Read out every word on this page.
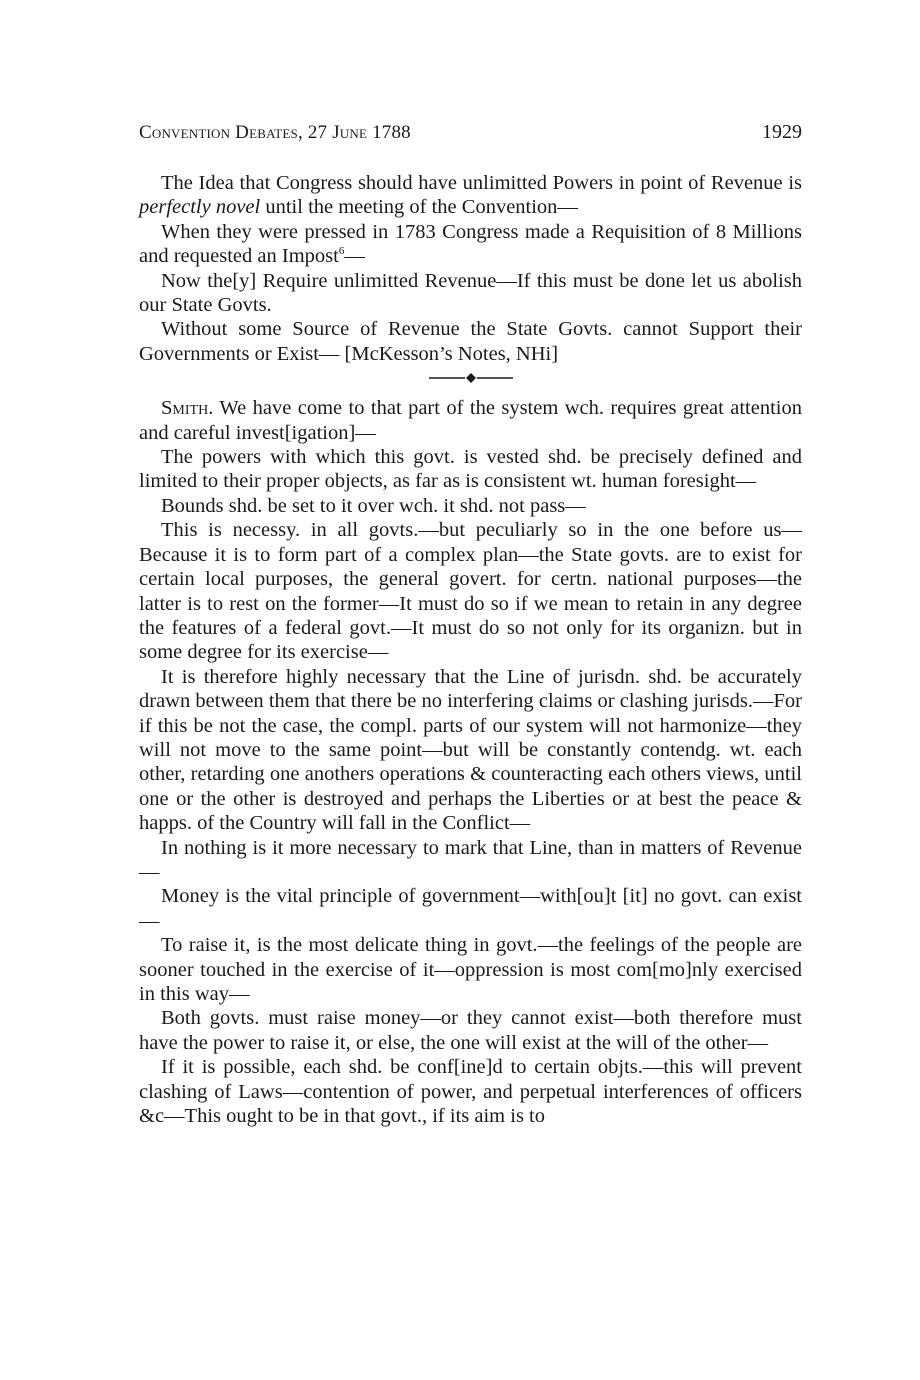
Convention Debates, 27 June 1788	1929

The Idea that Congress should have unlimitted Powers in point of Revenue is perfectly novel until the meeting of the Convention—

When they were pressed in 1783 Congress made a Requisition of 8 Millions and requested an Impost$^6$—

Now the[y] Require unlimitted Revenue—If this must be done let us abolish our State Govts.

Without some Source of Revenue the State Govts. cannot Support their Governments or Exist— [McKesson’s Notes, NHi]

Smith. We have come to that part of the system wch. requires great attention and careful invest[igation]—

The powers with which this govt. is vested shd. be precisely defined and limited to their proper objects, as far as is consistent wt. human foresight—

Bounds shd. be set to it over wch. it shd. not pass—

This is necessy. in all govts.—but peculiarly so in the one before us—Because it is to form part of a complex plan—the State govts. are to exist for certain local purposes, the general govert. for certn. national purposes—the latter is to rest on the former—It must do so if we mean to retain in any degree the features of a federal govt.—It must do so not only for its organizn. but in some degree for its exercise—

It is therefore highly necessary that the Line of jurisdn. shd. be accurately drawn between them that there be no interfering claims or clashing jurisds.—For if this be not the case, the compl. parts of our system will not harmonize—they will not move to the same point—but will be constantly contendg. wt. each other, retarding one anothers operations & counteracting each others views, until one or the other is destroyed and perhaps the Liberties or at best the peace & happs. of the Country will fall in the Conflict—

In nothing is it more necessary to mark that Line, than in matters of Revenue—

Money is the vital principle of government—with[ou]t [it] no govt. can exist—

To raise it, is the most delicate thing in govt.—the feelings of the people are sooner touched in the exercise of it—oppression is most com[mo]nly exercised in this way—

Both govts. must raise money—or they cannot exist—both therefore must have the power to raise it, or else, the one will exist at the will of the other—

If it is possible, each shd. be conf[ine]d to certain objts.—this will prevent clashing of Laws—contention of power, and perpetual interferences of officers &c—This ought to be in that govt., if its aim is to
